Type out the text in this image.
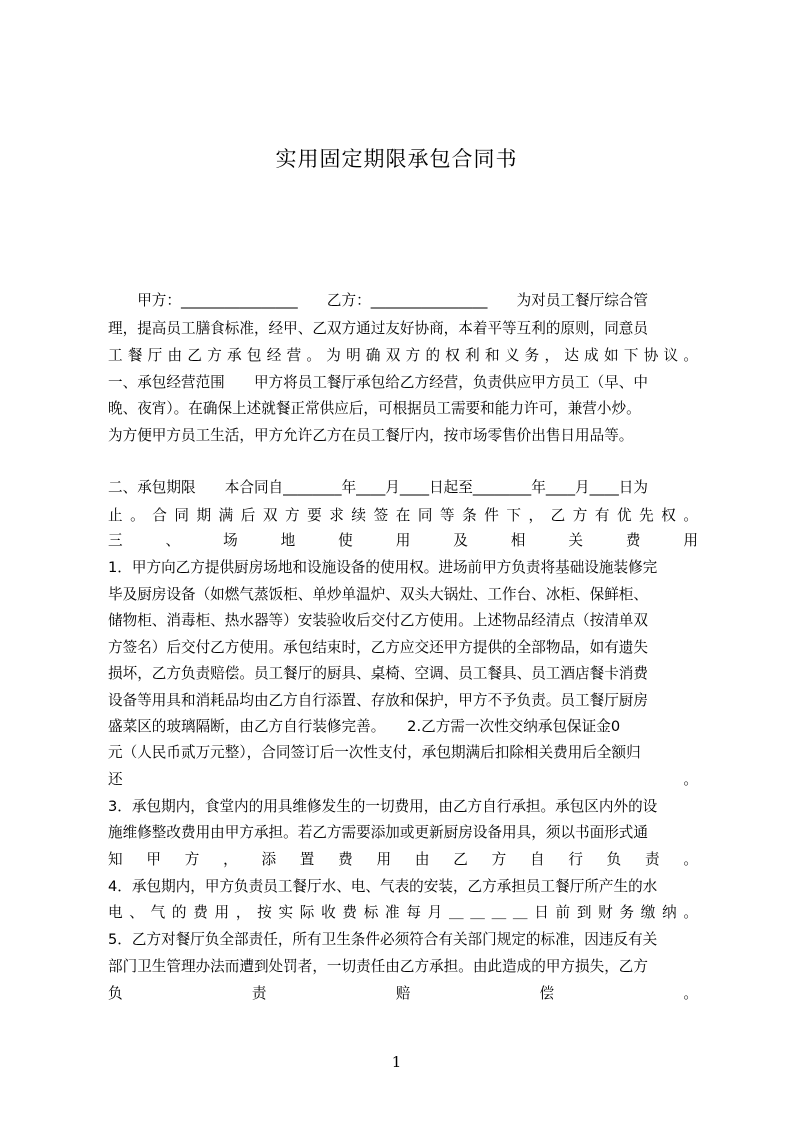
实用固定期限承包合同书
　　甲方：________________　　乙方：________________　　为对员工餐厅综合管
理，提高员工膳食标准，经甲、乙双方通过友好协商，本着平等互利的原则，同意员
工餐厅由乙方承包经营。为明确双方的权利和义务，达成如下协议。
一、承包经营范围　　甲方将员工餐厅承包给乙方经营，负责供应甲方员工（早、中
晚、夜宵）。在确保上述就餐正常供应后，可根据员工需要和能力许可，兼营小炒。
为方便甲方员工生活，甲方允许乙方在员工餐厅内，按市场零售价出售日用品等。
二、承包期限　　本合同自________年____月____日起至________年____月____日为
止。合同期满后双方要求续签在同等条件下，乙方有优先权。
三、场地使用及相关费用
1．甲方向乙方提供厨房场地和设施设备的使用权。进场前甲方负责将基础设施装修完
毕及厨房设备（如燃气蒸饭柜、单炒单温炉、双头大锅灶、工作台、冰柜、保鲜柜、
储物柜、消毒柜、热水器等）安装验收后交付乙方使用。上述物品经清点（按清单双
方签名）后交付乙方使用。承包结束时，乙方应交还甲方提供的全部物品，如有遗失
损坏，乙方负责赔偿。员工餐厅的厨具、桌椅、空调、员工餐具、员工酒店餐卡消费
设备等用具和消耗品均由乙方自行添置、存放和保护，甲方不予负责。员工餐厅厨房
盛菜区的玻璃隔断，由乙方自行装修完善。　　2.乙方需一次性交纳承包保证金0
元（人民币贰万元整），合同签订后一次性支付，承包期满后扣除相关费用后全额归
还	。
3．承包期内，食堂内的用具维修发生的一切费用，由乙方自行承担。承包区内外的设
施维修整改费用由甲方承担。若乙方需要添加或更新厨房设备用具，须以书面形式通
知甲方，添置费用由乙方自行负责。
4．承包期内，甲方负责员工餐厅水、电、气表的安装，乙方承担员工餐厅所产生的水
电、气的费用，按实际收费标准每月＿＿＿＿日前到财务缴纳。
5．乙方对餐厅负全部责任，所有卫生条件必须符合有关部门规定的标准，因违反有关
部门卫生管理办法而遭到处罚者，一切责任由乙方承担。由此造成的甲方损失，乙方
负责赔偿。
1
